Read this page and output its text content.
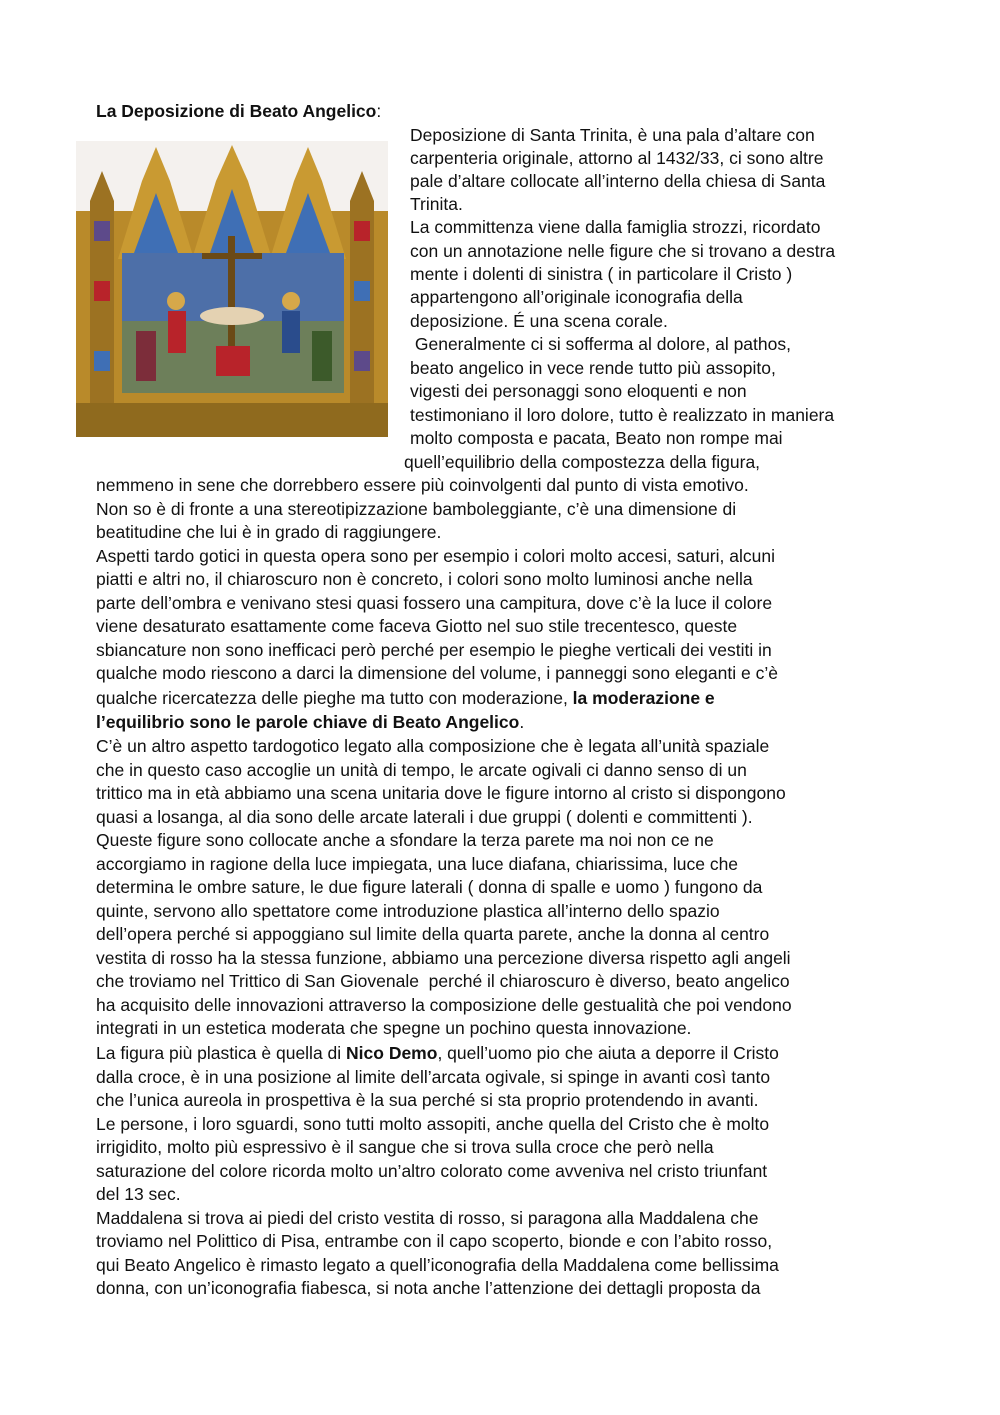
La Deposizione di Beato Angelico:
Deposizione di Santa Trinita, è una pala d’altare con
carpenteria originale, attorno al 1432/33, ci sono altre
pale d’altare collocate all’interno della chiesa di Santa
Trinita.
La committenza viene dalla famiglia strozzi, ricordato
con un annotazione nelle figure che si trovano a destra
mente i dolenti di sinistra ( in particolare il Cristo )
appartengono all’originale iconografia della
deposizione. É una scena corale.
Generalmente ci si sofferma al dolore, al pathos,
beato angelico in vece rende tutto più assopito,
vigesti dei personaggi sono eloquenti e non
testimoniano il loro dolore, tutto è realizzato in maniera
molto composta e pacata, Beato non rompe mai
quell’equilibrio della compostezza della figura,
nemmeno in sene che dorrebbero essere più coinvolgenti dal punto di vista emotivo.
Non so è di fronte a una stereotipizzazione bamboleggiante, c’è una dimensione di
beatitudine che lui è in grado di raggiungere.
Aspetti tardo gotici in questa opera sono per esempio i colori molto accesi, saturi, alcuni
piatti e altri no, il chiaroscuro non è concreto, i colori sono molto luminosi anche nella
parte dell’ombra e venivano stesi quasi fossero una campitura, dove c’è la luce il colore
viene desaturato esattamente come faceva Giotto nel suo stile trecentesco, queste
sbiancature non sono inefficaci però perché per esempio le pieghe verticali dei vestiti in
qualche modo riescono a darci la dimensione del volume, i panneggi sono eleganti e c’è
qualche ricercatezza delle pieghe ma tutto con moderazione, la moderazione e
l’equilibrio sono le parole chiave di Beato Angelico.
C’è un altro aspetto tardogotico legato alla composizione che è legata all’unità spaziale
che in questo caso accoglie un unità di tempo, le arcate ogivali ci danno senso di un
trittico ma in età abbiamo una scena unitaria dove le figure intorno al cristo si dispongono
quasi a losanga, al dia sono delle arcate laterali i due gruppi ( dolenti e committenti ).
Queste figure sono collocate anche a sfondare la terza parete ma noi non ce ne
accorgiamo in ragione della luce impiegata, una luce diafana, chiarissima, luce che
determina le ombre sature, le due figure laterali ( donna di spalle e uomo ) fungono da
quinte, servono allo spettatore come introduzione plastica all’interno dello spazio
dell’opera perché si appoggiano sul limite della quarta parete, anche la donna al centro
vestita di rosso ha la stessa funzione, abbiamo una percezione diversa rispetto agli angeli
che troviamo nel Trittico di San Giovenale  perché il chiaroscuro è diverso, beato angelico
ha acquisito delle innovazioni attraverso la composizione delle gestualità che poi vendono
integrati in un estetica moderata che spegne un pochino questa innovazione.
La figura più plastica è quella di Nico Demo, quell’uomo pio che aiuta a deporre il Cristo
dalla croce, è in una posizione al limite dell’arcata ogivale, si spinge in avanti così tanto
che l’unica aureola in prospettiva è la sua perché si sta proprio protendendo in avanti.
Le persone, i loro sguardi, sono tutti molto assopiti, anche quella del Cristo che è molto
irrigidito, molto più espressivo è il sangue che si trova sulla croce che però nella
saturazione del colore ricorda molto un’altro colorato come avveniva nel cristo triunfant
del 13 sec.
Maddalena si trova ai piedi del cristo vestita di rosso, si paragona alla Maddalena che
troviamo nel Polittico di Pisa, entrambe con il capo scoperto, bionde e con l’abito rosso,
qui Beato Angelico è rimasto legato a quell’iconografia della Maddalena come bellissima
donna, con un’iconografia fiabesca, si nota anche l’attenzione dei dettagli proposta da
